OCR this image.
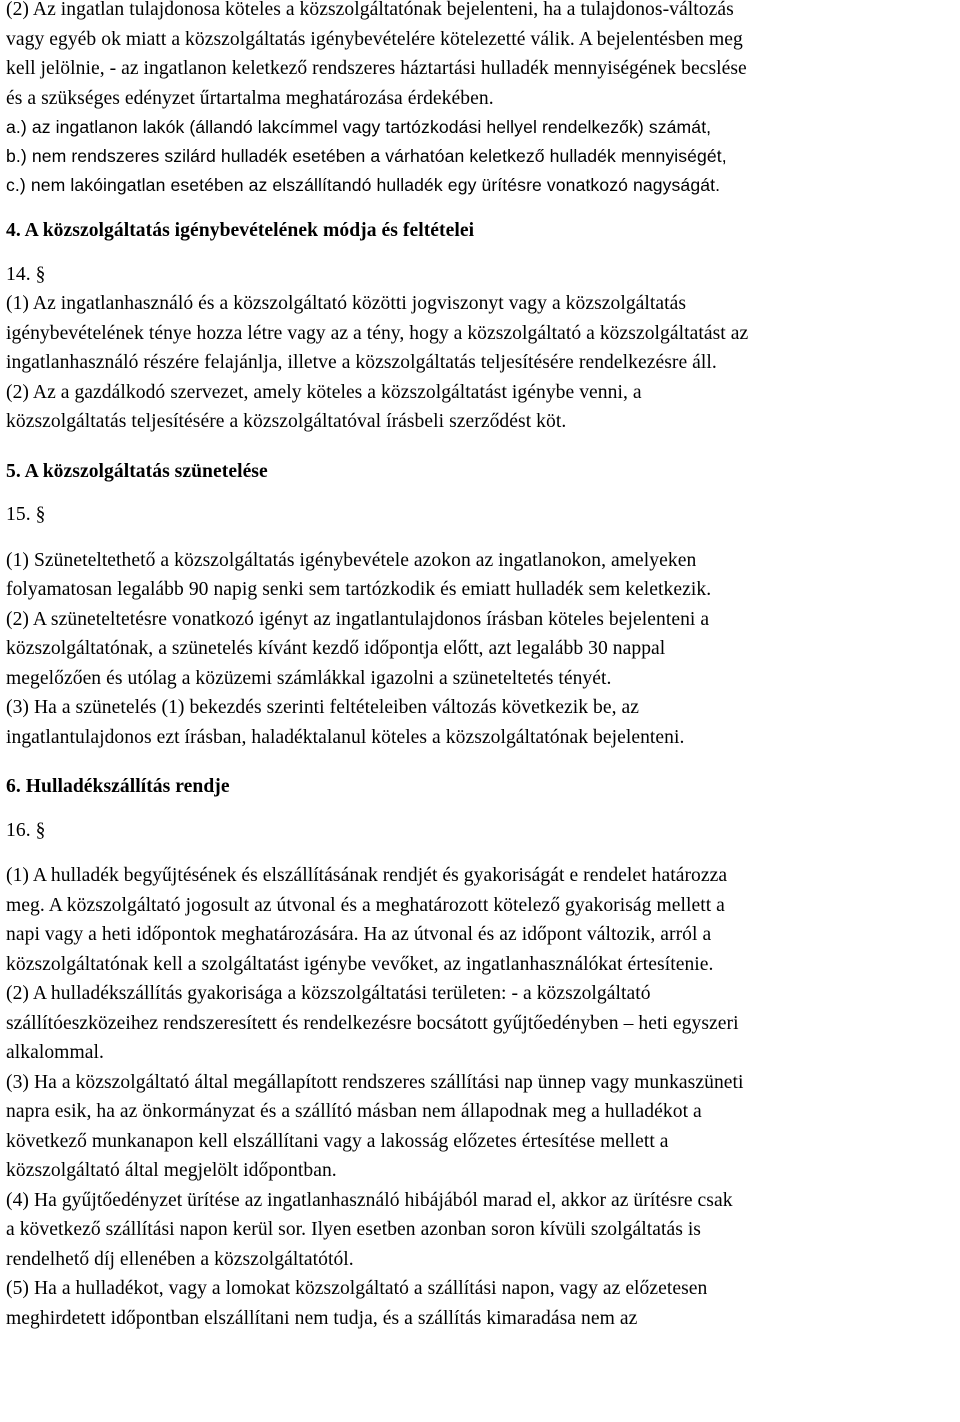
(2) Az ingatlan tulajdonosa köteles a közszolgáltatónak bejelenteni, ha a tulajdonos-változás
vagy egyéb ok miatt a közszolgáltatás igénybevételére kötelezetté válik. A bejelentésben meg
kell jelölnie, - az ingatlanon keletkező rendszeres háztartási hulladék mennyiségének becslése
és a szükséges edényzet űrtartalma meghatározása érdekében.
a.) az ingatlanon lakók (állandó lakcímmel vagy tartózkodási hellyel rendelkezők) számát,
b.) nem rendszeres szilárd hulladék esetében a várhatóan keletkező hulladék mennyiségét,
c.) nem lakóingatlan esetében az elszállítandó hulladék egy ürítésre vonatkozó nagyságát.
4. A közszolgáltatás igénybevételének módja és feltételei
14. §
(1) Az ingatlanhasználó és a közszolgáltató közötti jogviszonyt vagy a közszolgáltatás
igénybevételének ténye hozza létre vagy az a tény, hogy a közszolgáltató a közszolgáltatást az
ingatlanhasználó részére felajánlja, illetve a közszolgáltatás teljesítésére rendelkezésre áll.
(2) Az a gazdálkodó szervezet, amely köteles a közszolgáltatást igénybe venni, a
közszolgáltatás teljesítésére a közszolgáltatóval írásbeli szerződést köt.
5. A közszolgáltatás szünetelése
15. §
(1) Szüneteltethető a közszolgáltatás igénybevétele azokon az ingatlanokon, amelyeken
folyamatosan legalább 90 napig senki sem tartózkodik és emiatt hulladék sem keletkezik.
(2) A szüneteltetésre vonatkozó igényt az ingatlantulajdonos írásban köteles bejelenteni a
közszolgáltatónak, a szünetelés kívánt kezdő időpontja előtt, azt legalább 30 nappal
megelőzően és utólag a közüzemi számlákkal igazolni a szüneteltetés tényét.
(3) Ha a szünetelés (1) bekezdés szerinti feltételeiben változás következik be, az
ingatlantulajdonos ezt írásban, haladéktalanul köteles a közszolgáltatónak bejelenteni.
6. Hulladékszállítás rendje
16. §
(1) A hulladék begyűjtésének és elszállításának rendjét és gyakoriságát e rendelet határozza
meg. A közszolgáltató jogosult az útvonal és a meghatározott kötelező gyakoriság mellett a
napi vagy a heti időpontok meghatározására. Ha az útvonal és az időpont változik, arról a
közszolgáltatónak kell a szolgáltatást igénybe vevőket, az ingatlanhasználókat értesítenie.
(2) A hulladékszállítás gyakorisága a közszolgáltatási területen: - a közszolgáltató
szállítóeszközeihez rendszeresített és rendelkezésre bocsátott gyűjtőedényben – heti egyszeri
alkalommal.
(3) Ha a közszolgáltató által megállapított rendszeres szállítási nap ünnep vagy munkaszüneti
napra esik, ha az önkormányzat és a szállító másban nem állapodnak meg a hulladékot a
következő munkanapon kell elszállítani vagy a lakosság előzetes értesítése mellett a
közszolgáltató által megjelölt időpontban.
(4) Ha gyűjtőedényzet ürítése az ingatlanhasználó hibájából marad el, akkor az ürítésre csak
a következő szállítási napon kerül sor. Ilyen esetben azonban soron kívüli szolgáltatás is
rendelhető díj ellenében a közszolgáltatótól.
(5) Ha a hulladékot, vagy a lomokat közszolgáltató a szállítási napon, vagy az előzetesen
meghirdetett időpontban elszállítani nem tudja, és a szállítás kimaradása nem az
